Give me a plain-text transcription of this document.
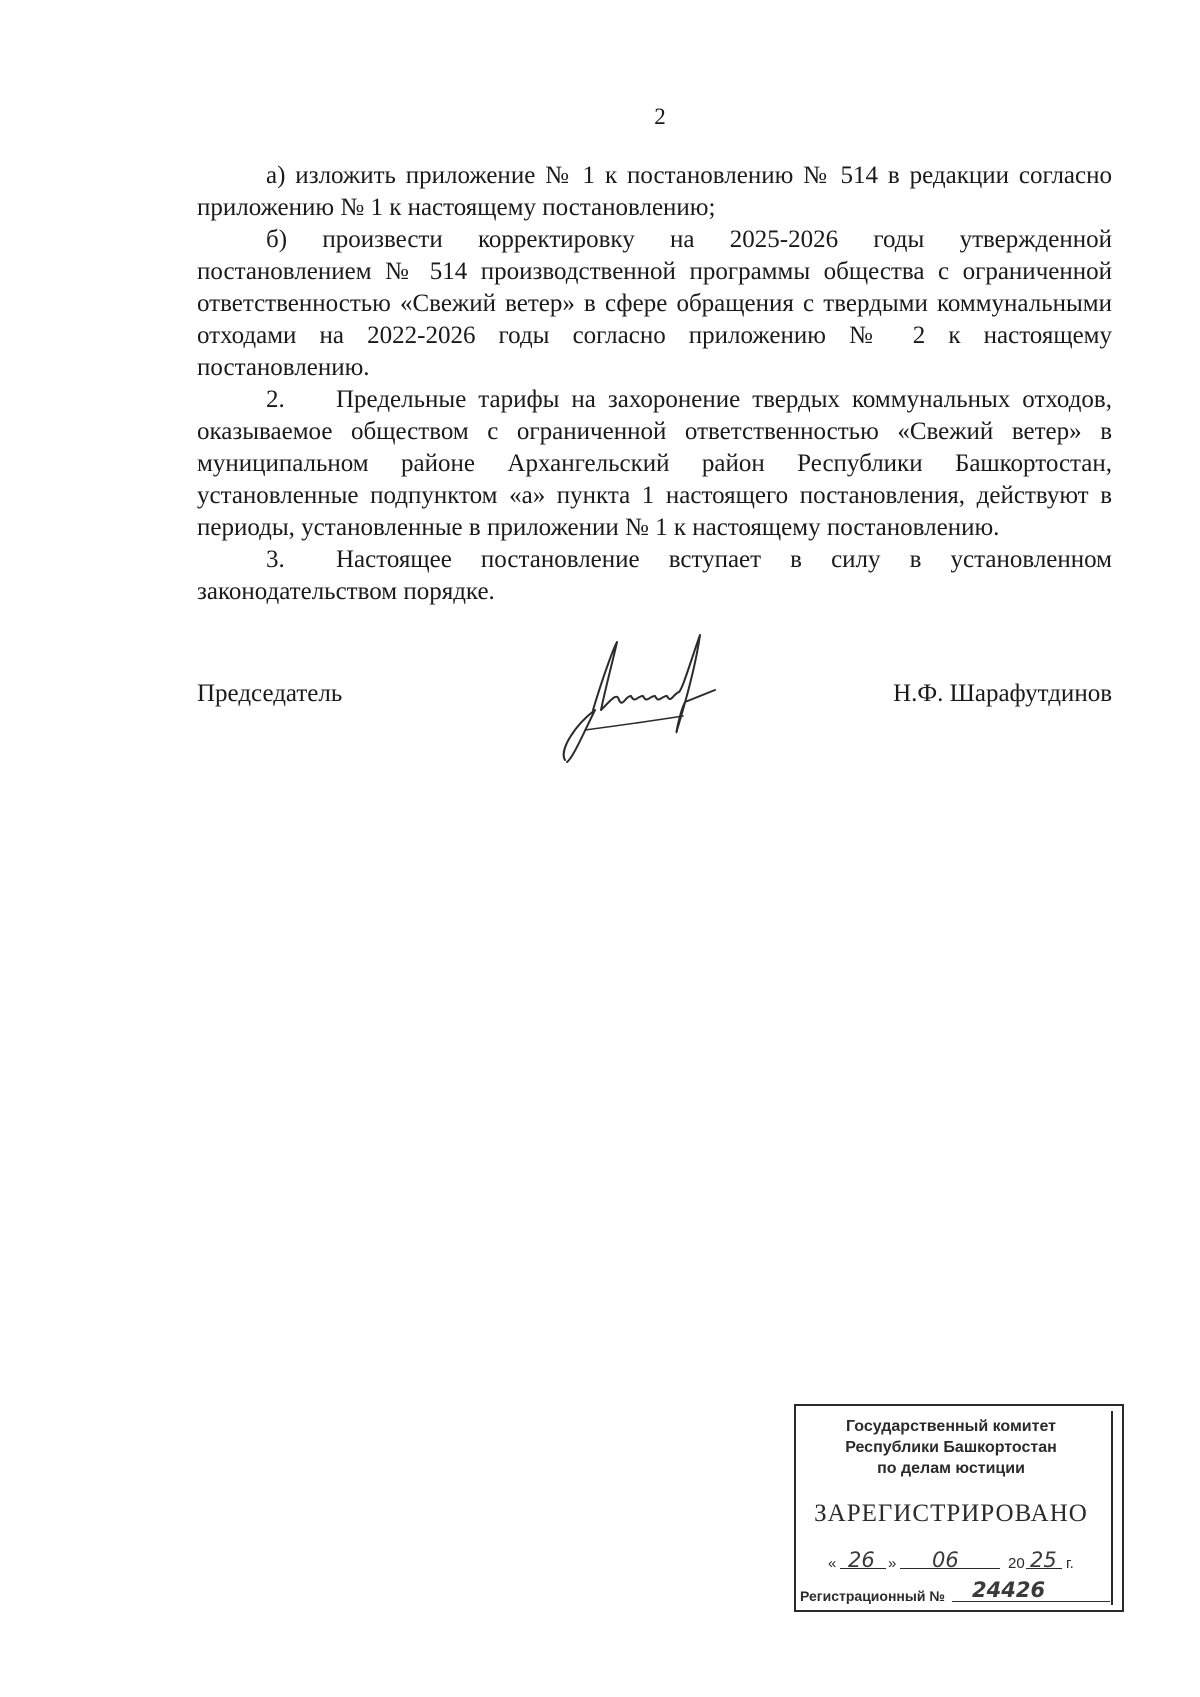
2

а) изложить приложение № 1 к постановлению № 514 в редакции согласно приложению № 1 к настоящему постановлению;

б) произвести корректировку на 2025-2026 годы утвержденной постановлением № 514 производственной программы общества с ограниченной ответственностью «Свежий ветер» в сфере обращения с твердыми коммунальными отходами на 2022-2026 годы согласно приложению № 2 к настоящему постановлению.

2. Предельные тарифы на захоронение твердых коммунальных отходов, оказываемое обществом с ограниченной ответственностью «Свежий ветер» в муниципальном районе Архангельский район Республики Башкортостан, установленные подпунктом «а» пункта 1 настоящего постановления, действуют в периоды, установленные в приложении № 1 к настоящему постановлению.

3. Настоящее постановление вступает в силу в установленном законодательством порядке.

Председатель	Н.Ф. Шарафутдинов
Государственный комитет
Республики Башкортостан
по делам юстиции
ЗАРЕГИСТРИРОВАНО
« 26 » 06	20 25 г.
Регистрационный № 24426
